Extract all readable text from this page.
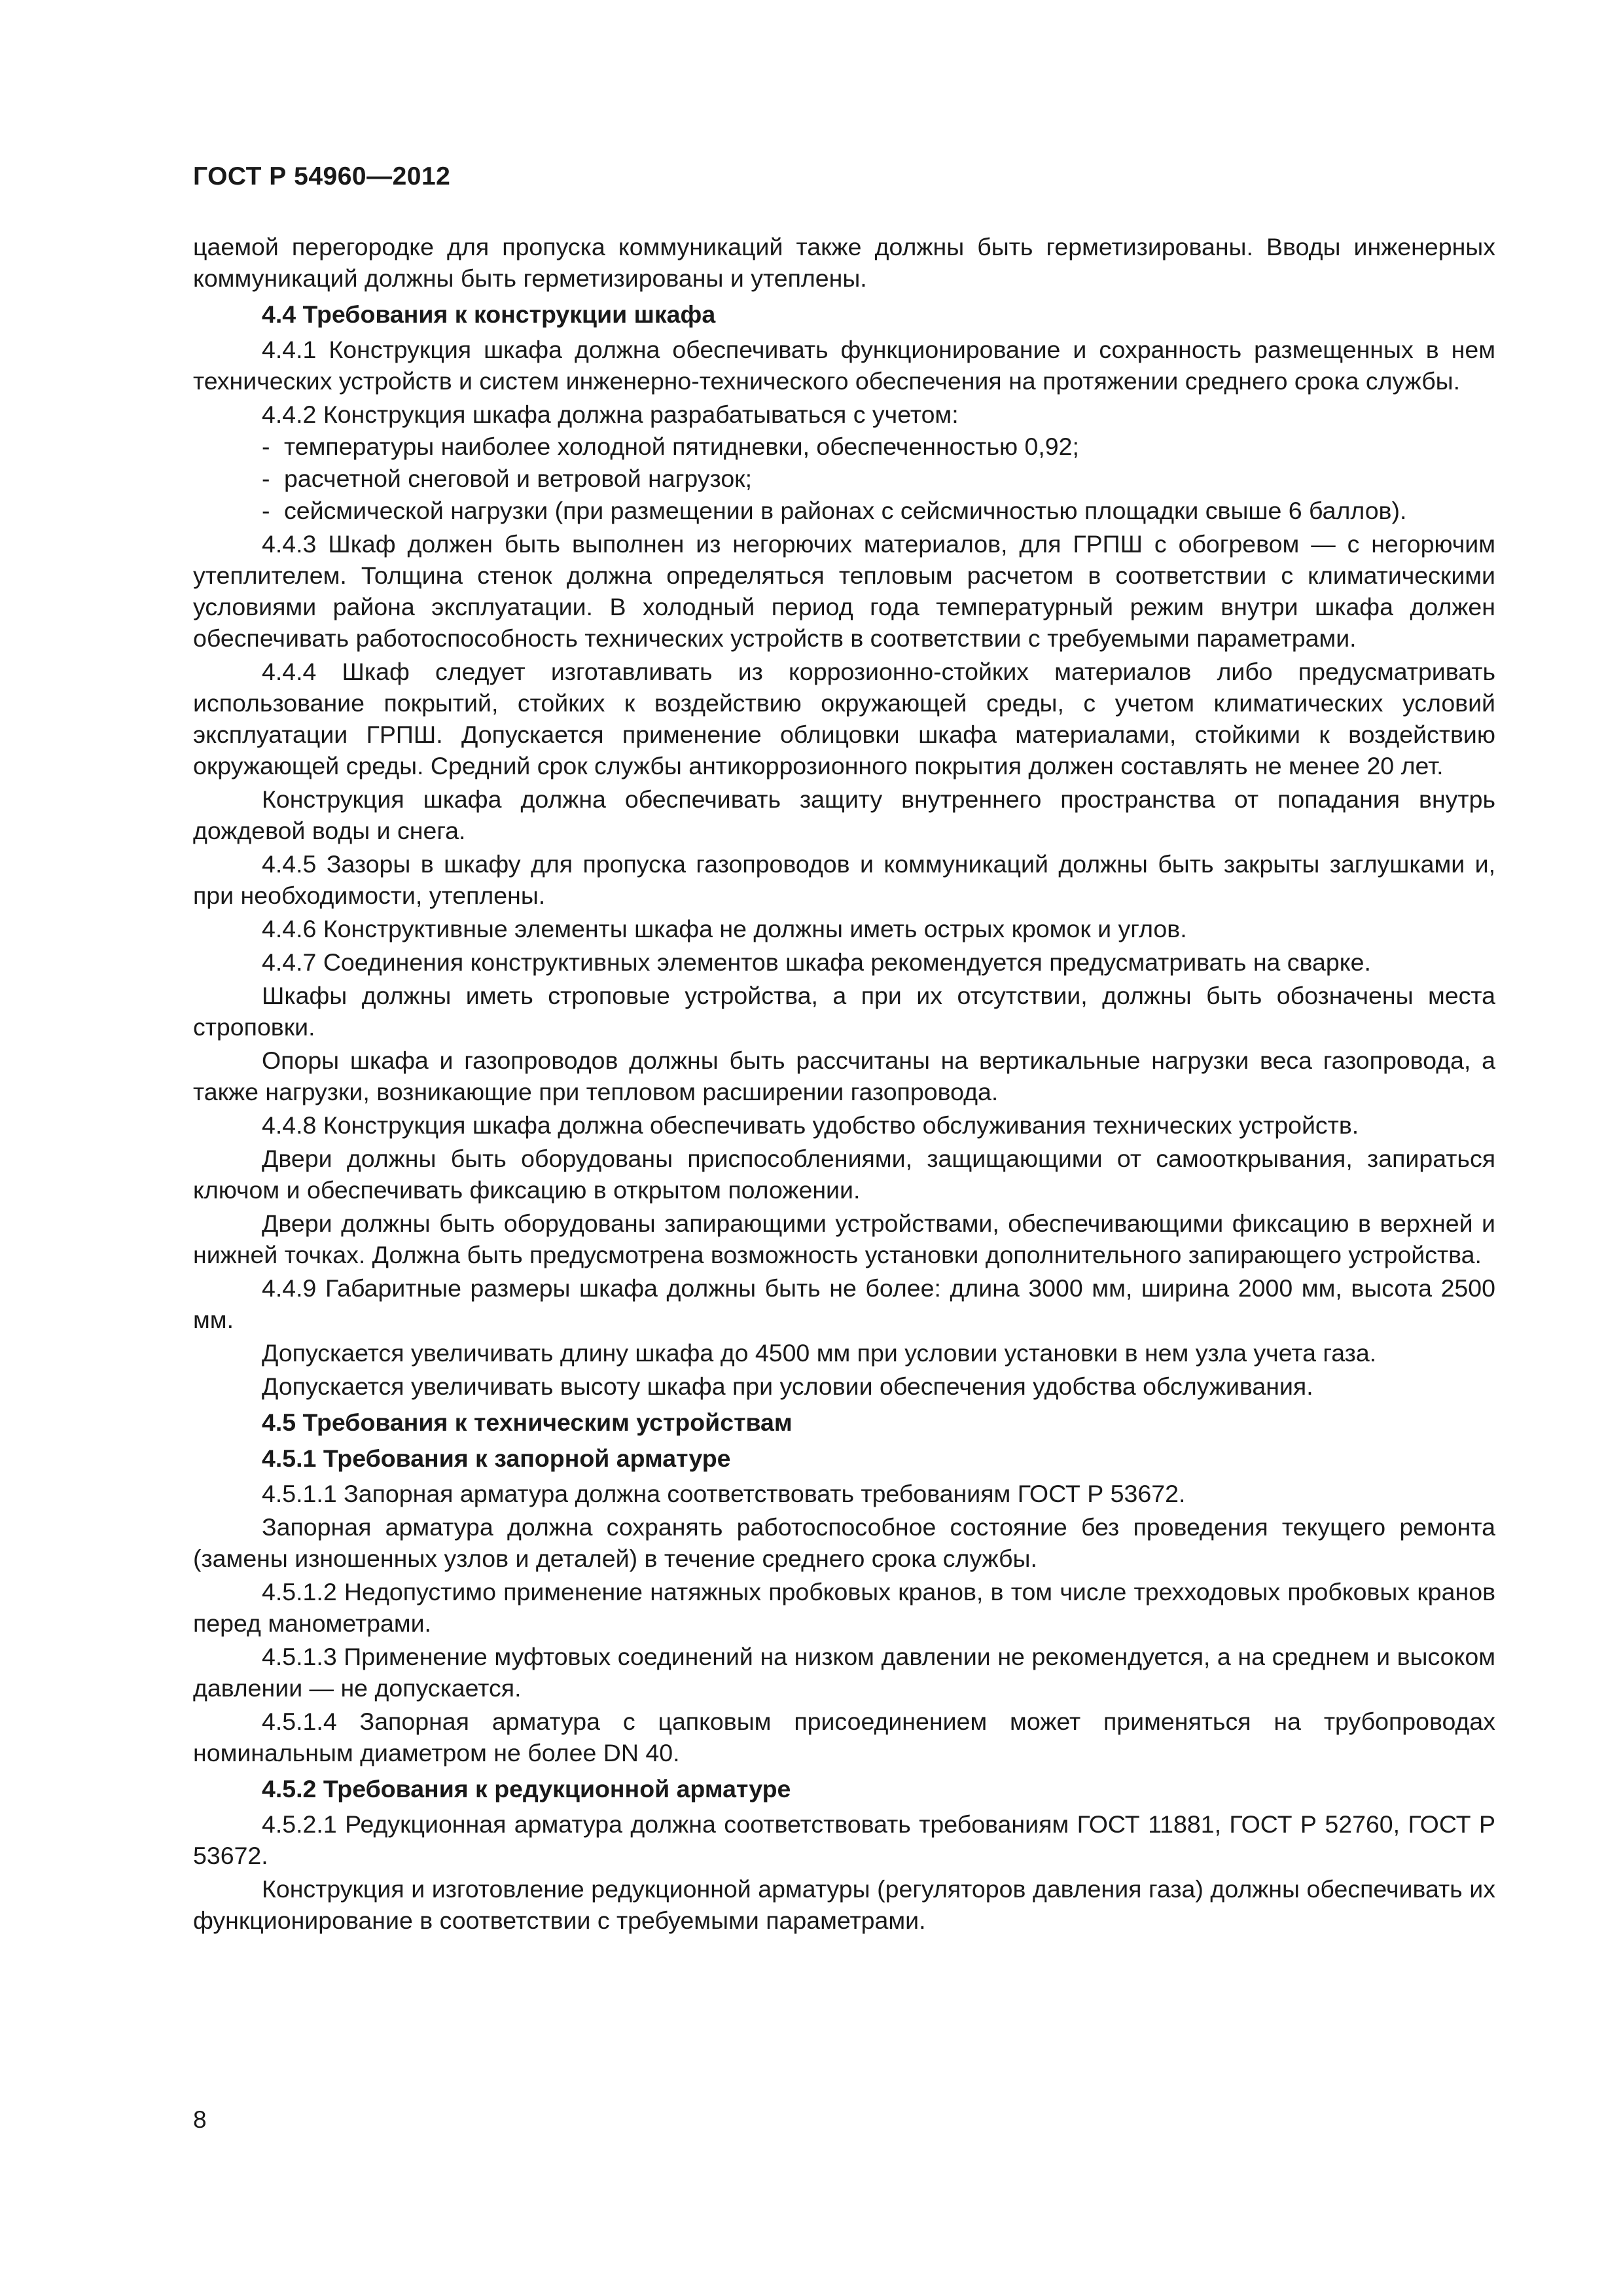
ГОСТ Р 54960—2012

цаемой перегородке для пропуска коммуникаций также должны быть герметизированы. Вводы инженерных коммуникаций должны быть герметизированы и утеплены.

4.4 Требования к конструкции шкафа

4.4.1 Конструкция шкафа должна обеспечивать функционирование и сохранность размещенных в нем технических устройств и систем инженерно-технического обеспечения на протяжении среднего срока службы.

4.4.2 Конструкция шкафа должна разрабатываться с учетом:

- температуры наиболее холодной пятидневки, обеспеченностью 0,92;

- расчетной снеговой и ветровой нагрузок;

- сейсмической нагрузки (при размещении в районах с сейсмичностью площадки свыше 6 баллов).

4.4.3 Шкаф должен быть выполнен из негорючих материалов, для ГРПШ с обогревом — с негорючим утеплителем. Толщина стенок должна определяться тепловым расчетом в соответствии с климатическими условиями района эксплуатации. В холодный период года температурный режим внутри шкафа должен обеспечивать работоспособность технических устройств в соответствии с требуемыми параметрами.

4.4.4 Шкаф следует изготавливать из коррозионно-стойких материалов либо предусматривать использование покрытий, стойких к воздействию окружающей среды, с учетом климатических условий эксплуатации ГРПШ. Допускается применение облицовки шкафа материалами, стойкими к воздействию окружающей среды. Средний срок службы антикоррозионного покрытия должен составлять не менее 20 лет.

Конструкция шкафа должна обеспечивать защиту внутреннего пространства от попадания внутрь дождевой воды и снега.

4.4.5 Зазоры в шкафу для пропуска газопроводов и коммуникаций должны быть закрыты заглушками и, при необходимости, утеплены.

4.4.6 Конструктивные элементы шкафа не должны иметь острых кромок и углов.

4.4.7 Соединения конструктивных элементов шкафа рекомендуется предусматривать на сварке.

Шкафы должны иметь строповые устройства, а при их отсутствии, должны быть обозначены места строповки.

Опоры шкафа и газопроводов должны быть рассчитаны на вертикальные нагрузки веса газопровода, а также нагрузки, возникающие при тепловом расширении газопровода.

4.4.8 Конструкция шкафа должна обеспечивать удобство обслуживания технических устройств.

Двери должны быть оборудованы приспособлениями, защищающими от самооткрывания, запираться ключом и обеспечивать фиксацию в открытом положении.

Двери должны быть оборудованы запирающими устройствами, обеспечивающими фиксацию в верхней и нижней точках. Должна быть предусмотрена возможность установки дополнительного запирающего устройства.

4.4.9 Габаритные размеры шкафа должны быть не более: длина 3000 мм, ширина 2000 мм, высота 2500 мм.

Допускается увеличивать длину шкафа до 4500 мм при условии установки в нем узла учета газа.

Допускается увеличивать высоту шкафа при условии обеспечения удобства обслуживания.

4.5 Требования к техническим устройствам

4.5.1 Требования к запорной арматуре

4.5.1.1 Запорная арматура должна соответствовать требованиям ГОСТ Р 53672.

Запорная арматура должна сохранять работоспособное состояние без проведения текущего ремонта (замены изношенных узлов и деталей) в течение среднего срока службы.

4.5.1.2 Недопустимо применение натяжных пробковых кранов, в том числе трехходовых пробковых кранов перед манометрами.

4.5.1.3 Применение муфтовых соединений на низком давлении не рекомендуется, а на среднем и высоком давлении — не допускается.

4.5.1.4 Запорная арматура с цапковым присоединением может применяться на трубопроводах номинальным диаметром не более DN 40.

4.5.2 Требования к редукционной арматуре

4.5.2.1 Редукционная арматура должна соответствовать требованиям ГОСТ 11881, ГОСТ Р 52760, ГОСТ Р 53672.

Конструкция и изготовление редукционной арматуры (регуляторов давления газа) должны обеспечивать их функционирование в соответствии с требуемыми параметрами.

8
